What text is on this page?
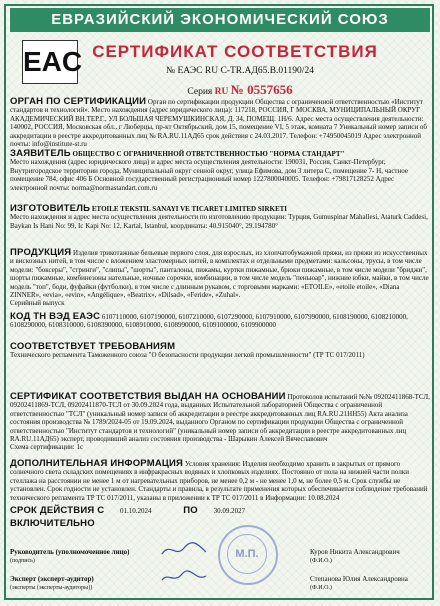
ЕВРАЗИЙСКИЙ ЭКОНОМИЧЕСКИЙ СОЮЗ
EAC СЕРТИФИКАТ СООТВЕТСТВИЯ
№ ЕАЭС RU C-TR.АД65.В.01190/24
Серия RU № 0557656
ОРГАН ПО СЕРТИФИКАЦИИ Орган по сертификации продукции Общества с ограниченной ответственностью «Институт стандартов и технологий». Место нахождения (адрес юридического лица): 117218, РОССИЯ, Г МОСКВА, МУНИЦИПАЛЬНЫЙ ОКРУГ АКАДЕМИЧЕСКИЙ ВН.ТЕР.Г., УЛ БОЛЬШАЯ ЧЕРЕМУШКИНСКАЯ, Д. 34, ПОМЕЩ. 1Н/6. Адрес места осуществления деятельности: 140002, РОССИЯ, Московская обл., г Люберцы, пр-кт Октябрьский, дом 15, помещение VI, 5 этаж, комната 7 Уникальный номер записи об аккредитации в реестре аккредитованных лиц № RA.RU.11АД65 срок действия с 24.03.2017. Телефон: +74950045019 Адрес электронной почты: info@institute-st.ru
ЗАЯВИТЕЛЬ ОБЩЕСТВО С ОГРАНИЧЕННОЙ ОТВЕТСТВЕННОСТЬЮ "НОРМА СТАНДАРТ"
Место нахождения (адрес юридического лица) и адрес места осуществления деятельности: 190031, Россия, Санкт-Петербург, Внутригородское территории города, Муниципальный округ сенной округ, улица Ефимова, дом 3 литера С, помещение 7- Н, частное помещение 784, офис 406 Б Основной государственный регистрационный номер 1227800040005. Телефон: +79817128252 Адрес электронной почты: norma@normastandart.com.ru
ИЗГОТОВИТЕЛЬ ETOILE TEKSTIL SANAYI VE TICARET LIMITED SIRKETI
Место нахождения и адрес места осуществления деятельности по изготовлению продукции: Турция, Gumuspinar Mahallesi, Ataturk Caddesi, Baykan Is Hani No: 99, Ic Kapi No: 12, Kartal, Istanbul, координаты: 40.915040°, 29.194780°
ПРОДУКЦИЯ Изделия трикотажные бельевые первого слоя, для взрослых, из хлопчатобумажной пряжи, из пряжи из искусственных и вискозных нитей, в том числе с вложением эластомерных нитей, в комплектах и отдельными предметами: кальсоны, трусы, в том числе модели: "боксеры", "стринги", "слипы", "шорты", панталоны, пижамы, куртки пижамные, брюки пижамные, в том числе модели "бриджи", шорты пижамные, комбинезоны нательные, ночные сорочки, комбинации, в том числе модель "пеньюар", нижние юбки, майки, в том числе модель "топ", боди, фуфайки (футболки), в том числе с длинным рукавом, с торговыми марками: «ETOILE», «etoile etoile», «Diana ZINNER», «evia», «evin», «Angélique», «Beatrix», «Dilsad», «Feride», «Zuhal».
Серийный выпуск
КОД ТН ВЭД ЕАЭС 6107110000, 6107190000, 6107210000, 6107290000, 6107910000, 6107990000, 6108190000, 6108210000, 6108290000, 6108310000, 6108390000, 6108910000, 6108990000, 6109100000, 6109900000
СООТВЕТСТВУЕТ ТРЕБОВАНИЯМ
Технического регламента Таможенного союза "О безопасности продукции легкой промышленности" (ТР ТС 017/2011)
СЕРТИФИКАТ СООТВЕТСТВИЯ ВЫДАН НА ОСНОВАНИИ Протоколов испытаний №№ 09202411868-ТСЛ, 09202411869-ТСЛ, 09202411870-ТСЛ от 30.09.2024 года, выданных Испытательной лабораторией Общества с ограниченной ответственностью "ТСЛ" (уникальный номер записи об аккредитации в реестре аккредитованных лиц RA.RU.21НН55) Акта анализа состояния производства № 1789/2024-05 от 19.09.2024, выданного Органом по сертификации продукции Общества с ограниченной ответственностью "Институт стандартов и технологий" (уникальный номер записи об аккредитации в реестре аккредитованных лиц RA.RU.11АД65) эксперт, проводивший анализ состояния производства - Шарыкин Алексей Вячеславович
Схема сертификации: 1с
ДОПОЛНИТЕЛЬНАЯ ИНФОРМАЦИЯ Условия хранения: Изделия необходимо хранить в закрытых от прямого солнечного света складских помещениях в инфракрасных водяных и хлопковых изделиях. Постоянно от пола на нижней части полки стеллажа на расстоянии не менее 1 м от нагревательных приборов, не менее 0,2 м - не менее 1,0 м, не более 0,5 м. Срок службы не установлен. Срок годности не установлен. Стандарты и правила, в результате применения которых обеспечивается соблюдение требований технического регламента ТР ТС 017/2011, указаны в приложении к ТР ТС 017/2011 в Информации: 10.08.2024
СРОК ДЕЙСТВИЯ С 01.10.2024	ПО 30.09.2027
ВКЛЮЧИТЕЛЬНО
Руководитель (уполномоченное лицо)	Куров Никита Александрович
(подпись)	(Ф.И.О.)
Эксперт (эксперт-аудитор)	Степанова Юлия Александровна
(эксперты (эксперты-аудиторы))	(Ф.И.О.)
М.П.
